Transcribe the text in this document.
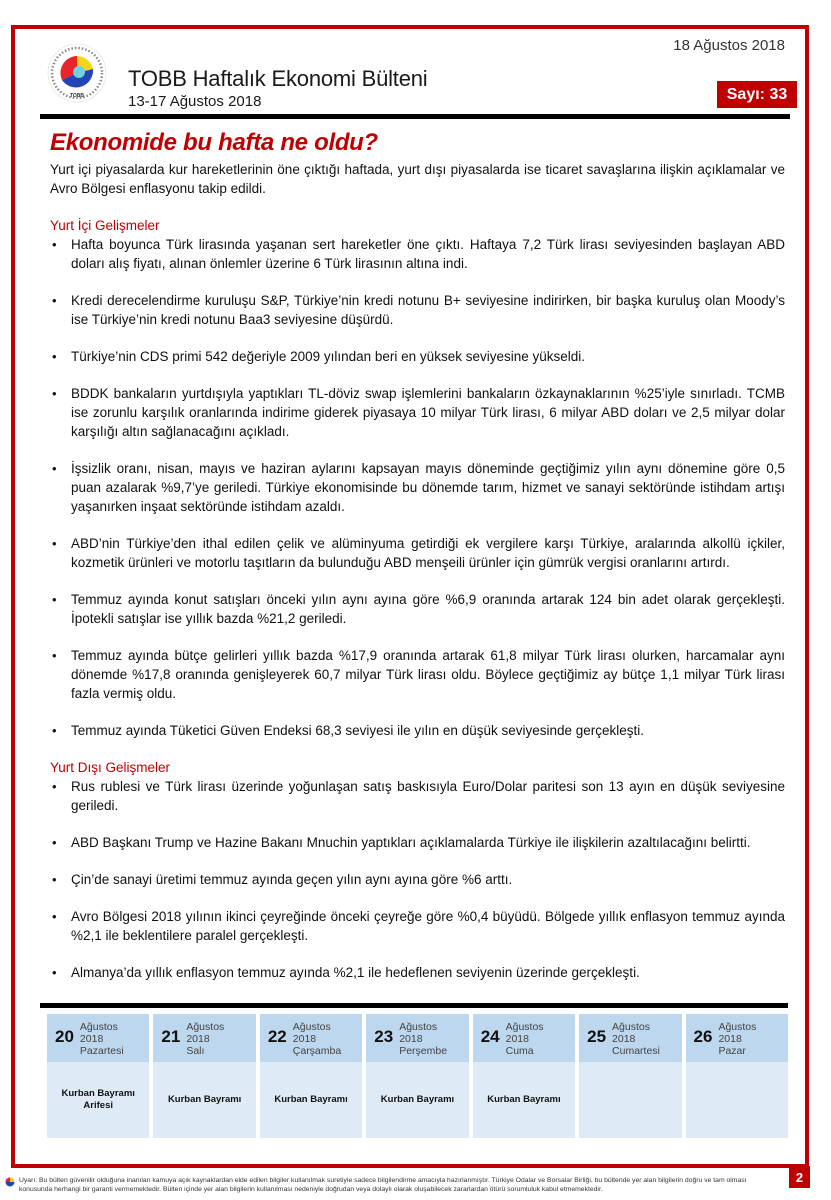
TOBB
TOBB Haftalık Ekonomi Bülteni
13-17 Ağustos 2018
18 Ağustos 2018
Sayı: 33
Ekonomide bu hafta ne oldu?

Yurt içi piyasalarda kur hareketlerinin öne çıktığı haftada, yurt dışı piyasalarda ise ticaret savaşlarına ilişkin açıklamalar ve Avro Bölgesi enflasyonu takip edildi.

Yurt İçi Gelişmeler
• Hafta boyunca Türk lirasında yaşanan sert hareketler öne çıktı. Haftaya 7,2 Türk lirası seviyesinden başlayan ABD doları alış fiyatı, alınan önlemler üzerine 6 Türk lirasının altına indi.
• Kredi derecelendirme kuruluşu S&P, Türkiye’nin kredi notunu B+ seviyesine indirirken, bir başka kuruluş olan Moody’s ise Türkiye’nin kredi notunu Baa3 seviyesine düşürdü.
• Türkiye’nin CDS primi 542 değeriyle 2009 yılından beri en yüksek seviyesine yükseldi.
• BDDK bankaların yurtdışıyla yaptıkları TL-döviz swap işlemlerini bankaların özkaynaklarının %25’iyle sınırladı. TCMB ise zorunlu karşılık oranlarında indirime giderek piyasaya 10 milyar Türk lirası, 6 milyar ABD doları ve 2,5 milyar dolar karşılığı altın sağlanacağını açıkladı.
• İşsizlik oranı, nisan, mayıs ve haziran aylarını kapsayan mayıs döneminde geçtiğimiz yılın aynı dönemine göre 0,5 puan azalarak %9,7’ye geriledi. Türkiye ekonomisinde bu dönemde tarım, hizmet ve sanayi sektöründe istihdam artışı yaşanırken inşaat sektöründe istihdam azaldı.
• ABD’nin Türkiye’den ithal edilen çelik ve alüminyuma getirdiği ek vergilere karşı Türkiye, aralarında alkollü içkiler, kozmetik ürünleri ve motorlu taşıtların da bulunduğu ABD menşeili ürünler için gümrük vergisi oranlarını artırdı.
• Temmuz ayında konut satışları önceki yılın aynı ayına göre %6,9 oranında artarak 124 bin adet olarak gerçekleşti. İpotekli satışlar ise yıllık bazda %21,2 geriledi.
• Temmuz ayında bütçe gelirleri yıllık bazda %17,9 oranında artarak 61,8 milyar Türk lirası olurken, harcamalar aynı dönemde %17,8 oranında genişleyerek 60,7 milyar Türk lirası oldu. Böylece geçtiğimiz ay bütçe 1,1 milyar Türk lirası fazla vermiş oldu.
• Temmuz ayında Tüketici Güven Endeksi 68,3 seviyesi ile yılın en düşük seviyesinde gerçekleşti.
Yurt Dışı Gelişmeler
• Rus rublesi ve Türk lirası üzerinde yoğunlaşan satış baskısıyla Euro/Dolar paritesi son 13 ayın en düşük seviyesine geriledi.
• ABD Başkanı Trump ve Hazine Bakanı Mnuchin yaptıkları açıklamalarda Türkiye ile ilişkilerin azaltılacağını belirtti.
• Çin’de sanayi üretimi temmuz ayında geçen yılın aynı ayına göre %6 arttı.
• Avro Bölgesi 2018 yılının ikinci çeyreğinde önceki çeyreğe göre %0,4 büyüdü. Bölgede yıllık enflasyon temmuz ayında %2,1 ile beklentilere paralel gerçekleşti.
• Almanya’da yıllık enflasyon temmuz ayında %2,1 ile hedeflenen seviyenin üzerinde gerçekleşti.
20 Ağustos 2018
Pazartesi
Kurban Bayramı
Arifesi
21 Ağustos 2018
Salı
Kurban Bayramı
22 Ağustos 2018
Çarşamba
Kurban Bayramı
23 Ağustos 2018
Perşembe
Kurban Bayramı
24 Ağustos 2018
Cuma
Kurban Bayramı
25 Ağustos 2018
Cumartesi
26 Ağustos 2018
Pazar
Uyarı: Bu bülten güvenilir olduğuna inanılan kamuya açık kaynaklardan elde edilen bilgiler kullanılmak suretiyle sadece bilgilendirme amacıyla hazırlanmıştır. Türkiye Odalar ve Borsalar Birliği, bu bültende yer alan bilgilerin doğru ve tam olması konusunda herhangi bir garanti vermemektedir. Bülten içinde yer alan bilgilerin kullanılması nedeniyle doğrudan veya dolaylı olarak oluşabilecek zararlardan ötürü sorumluluk kabul etmemektedir.
2
